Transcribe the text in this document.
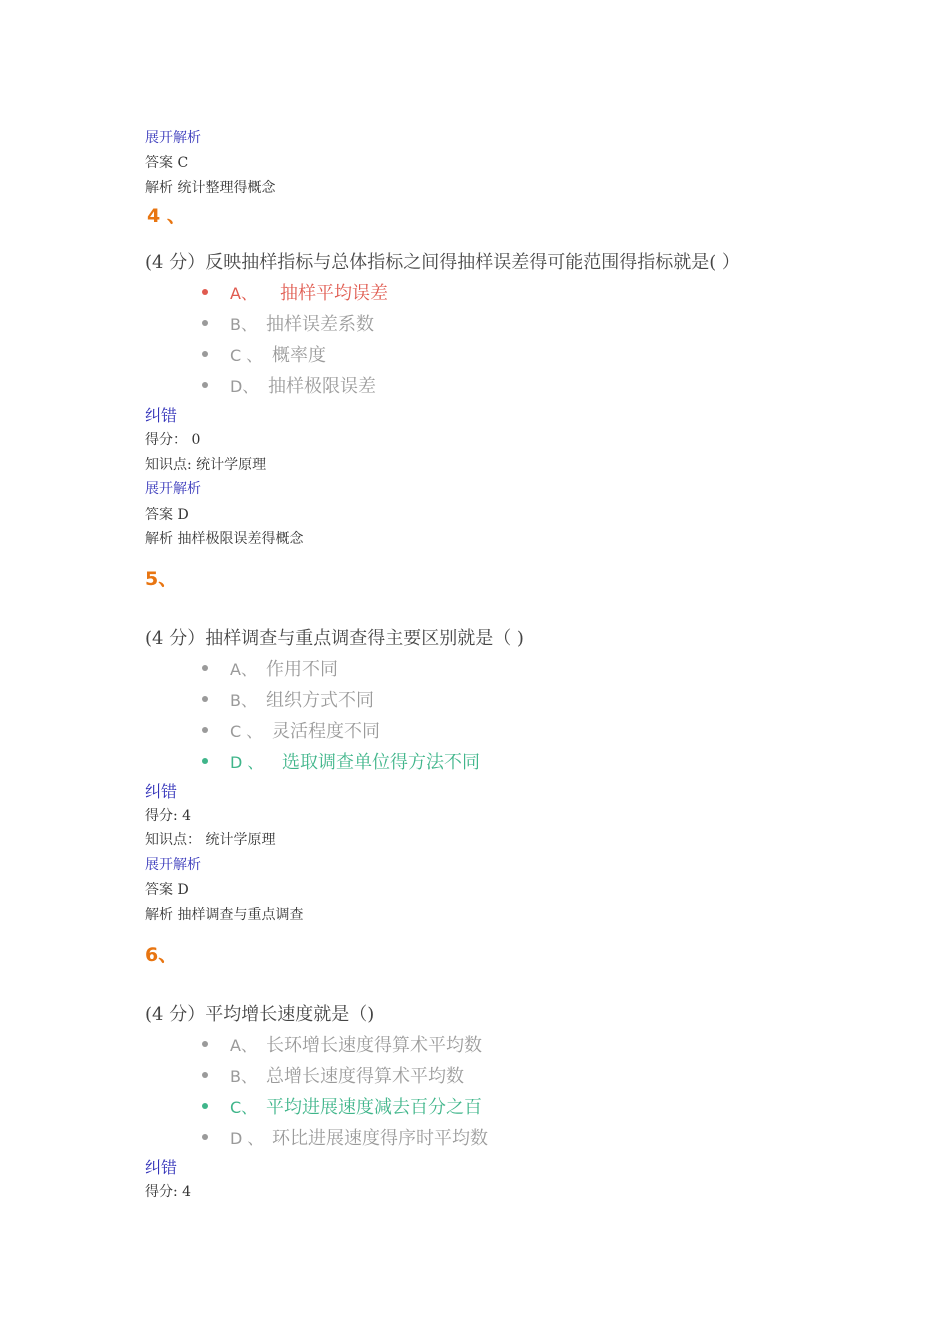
展开解析
答案 C
解析 统计整理得概念
4 、
(4 分）反映抽样指标与总体指标之间得抽样误差得可能范围得指标就是( ）
A、 抽样平均误差
B、 抽样误差系数
C 、 概率度
D、 抽样极限误差
纠错
得分： 0
知识点: 统计学原理
展开解析
答案 D
解析 抽样极限误差得概念
5、
(4 分）抽样调查与重点调查得主要区别就是（ )
A、 作用不同
B、 组织方式不同
C 、 灵活程度不同
D 、 选取调查单位得方法不同
纠错
得分: 4
知识点： 统计学原理
展开解析
答案 D
解析 抽样调查与重点调查
6、
(4 分）平均增长速度就是（)
A、 长环增长速度得算术平均数
B、 总增长速度得算术平均数
C、 平均进展速度减去百分之百
D 、 环比进展速度得序时平均数
纠错
得分: 4
